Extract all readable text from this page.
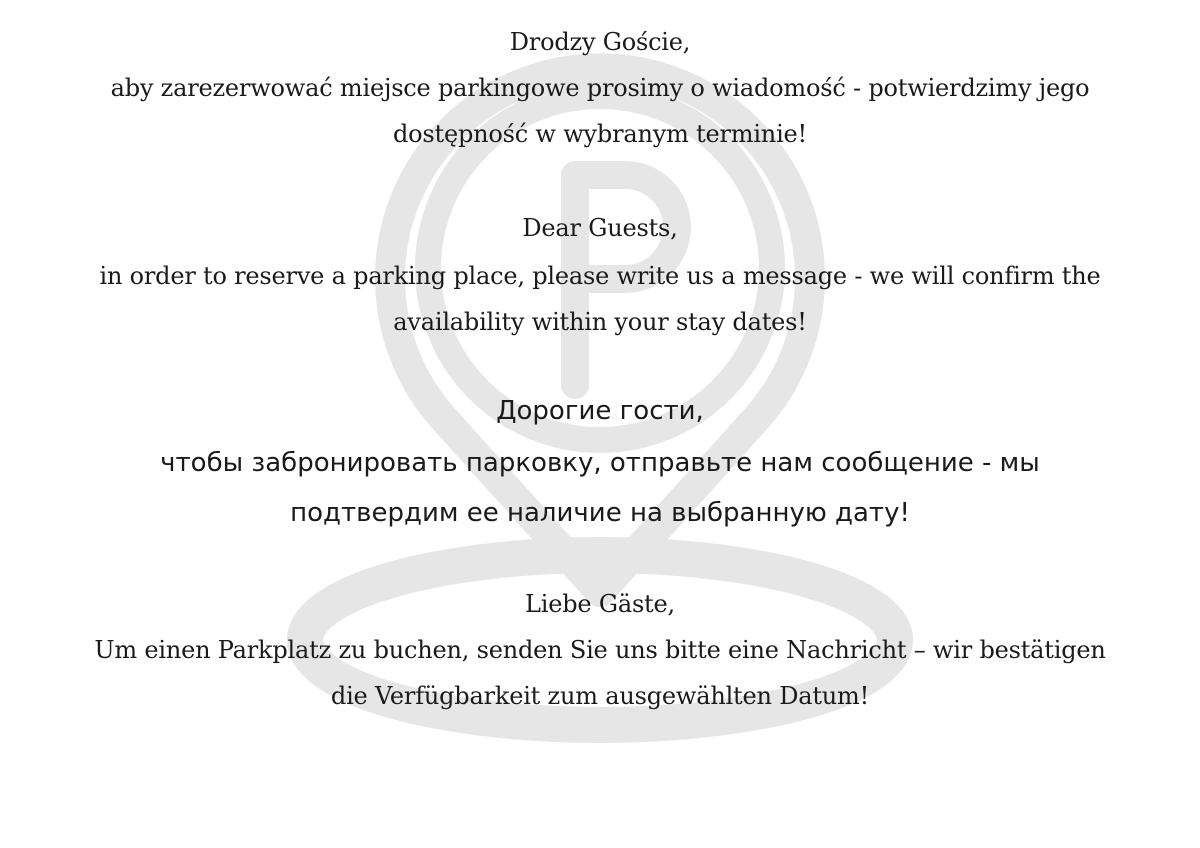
Drodzy Goście,
aby zarezerwować miejsce parkingowe prosimy o wiadomość - potwierdzimy jego
dostępność w wybranym terminie!
Dear Guests,
in order to reserve a parking place, please write us a message - we will confirm the
availability within your stay dates!
Дорогие гости,
чтобы забронировать парковку, отправьте нам сообщение - мы
подтвердим ее наличие на выбранную дату!
Liebe Gäste,
Um einen Parkplatz zu buchen, senden Sie uns bitte eine Nachricht – wir bestätigen
die Verfügbarkeit zum ausgewählten Datum!
